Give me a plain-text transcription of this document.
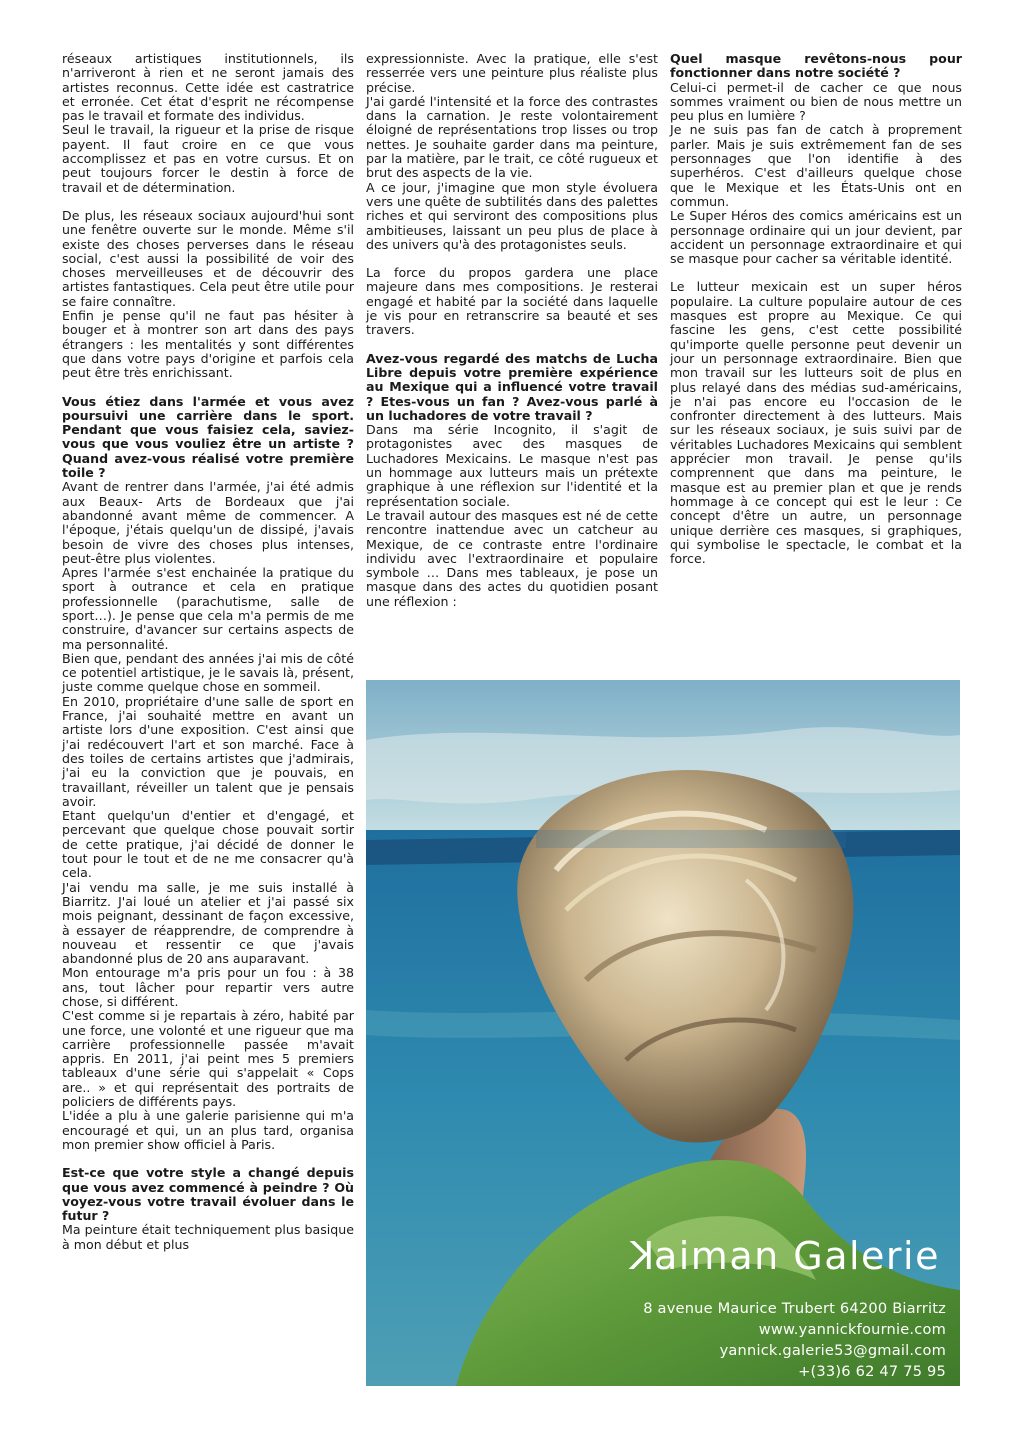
réseaux artistiques institutionnels, ils n'arriveront à rien et ne seront jamais des artistes reconnus. Cette idée est castratrice et erronée. Cet état d'esprit ne récompense pas le travail et formate des individus.

Seul le travail, la rigueur et la prise de risque payent. Il faut croire en ce que vous accomplissez et pas en votre cursus. Et on peut toujours forcer le destin à force de travail et de détermination.

De plus, les réseaux sociaux aujourd'hui sont une fenêtre ouverte sur le monde. Même s'il existe des choses perverses dans le réseau social, c'est aussi la possibilité de voir des choses merveilleuses et de découvrir des artistes fantastiques. Cela peut être utile pour se faire connaître.

Enfin je pense qu'il ne faut pas hésiter à bouger et à montrer son art dans des pays étrangers : les mentalités y sont différentes que dans votre pays d'origine et parfois cela peut être très enrichissant.

Vous étiez dans l'armée et vous avez poursuivi une carrière dans le sport. Pendant que vous faisiez cela, saviez-vous que vous vouliez être un artiste ? Quand avez-vous réalisé votre première toile ?

Avant de rentrer dans l'armée, j'ai été admis aux Beaux- Arts de Bordeaux que j'ai abandonné avant même de commencer. A l'époque, j'étais quelqu'un de dissipé, j'avais besoin de vivre des choses plus intenses, peut-être plus violentes.

Apres l'armée s'est enchainée la pratique du sport à outrance et cela en pratique professionnelle (parachutisme, salle de sport…). Je pense que cela m'a permis de me construire, d'avancer sur certains aspects de ma personnalité.

Bien que, pendant des années j'ai mis de côté ce potentiel artistique, je le savais là, présent, juste comme quelque chose en sommeil.

En 2010, propriétaire d'une salle de sport en France, j'ai souhaité mettre en avant un artiste lors d'une exposition. C'est ainsi que j'ai redécouvert l'art et son marché. Face à des toiles de certains artistes que j'admirais, j'ai eu la conviction que je pouvais, en travaillant, réveiller un talent que je pensais avoir.

Etant quelqu'un d'entier et d'engagé, et percevant que quelque chose pouvait sortir de cette pratique, j'ai décidé de donner le tout pour le tout et de ne me consacrer qu'à cela.

J'ai vendu ma salle, je me suis installé à Biarritz. J'ai loué un atelier et j'ai passé six mois peignant, dessinant de façon excessive, à essayer de réapprendre, de comprendre à nouveau et ressentir ce que j'avais abandonné plus de 20 ans auparavant.

Mon entourage m'a pris pour un fou : à 38 ans, tout lâcher pour repartir vers autre chose, si différent.

C'est comme si je repartais à zéro, habité par une force, une volonté et une rigueur que ma carrière professionnelle passée m'avait appris. En 2011, j'ai peint mes 5 premiers tableaux d'une série qui s'appelait « Cops are.. » et qui représentait des portraits de policiers de différents pays.

L'idée a plu à une galerie parisienne qui m'a encouragé et qui, un an plus tard, organisa mon premier show officiel à Paris.

Est-ce que votre style a changé depuis que vous avez commencé à peindre ? Où voyez-vous votre travail évoluer dans le futur ?

Ma peinture était techniquement plus basique à mon début et plus

expressionniste. Avec la pratique, elle s'est resserrée vers une peinture plus réaliste plus précise.

J'ai gardé l'intensité et la force des contrastes dans la carnation. Je reste volontairement éloigné de représentations trop lisses ou trop nettes. Je souhaite garder dans ma peinture, par la matière, par le trait, ce côté rugueux et brut des aspects de la vie.

A ce jour, j'imagine que mon style évoluera vers une quête de subtilités dans des palettes riches et qui serviront des compositions plus ambitieuses, laissant un peu plus de place à des univers qu'à des protagonistes seuls.

La force du propos gardera une place majeure dans mes compositions. Je resterai engagé et habité par la société dans laquelle je vis pour en retranscrire sa beauté et ses travers.

Avez-vous regardé des matchs de Lucha Libre depuis votre première expérience au Mexique qui a influencé votre travail ? Etes-vous un fan ? Avez-vous parlé à un luchadores de votre travail ?

Dans ma série Incognito, il s'agit de protagonistes avec des masques de Luchadores Mexicains. Le masque n'est pas un hommage aux lutteurs mais un prétexte graphique à une réflexion sur l'identité et la représentation sociale.

Le travail autour des masques est né de cette rencontre inattendue avec un catcheur au Mexique, de ce contraste entre l'ordinaire individu avec l'extraordinaire et populaire symbole … Dans mes tableaux, je pose un masque dans des actes du quotidien posant une réflexion :

Quel masque revêtons-nous pour fonctionner dans notre société ?

Celui-ci permet-il de cacher ce que nous sommes vraiment ou bien de nous mettre un peu plus en lumière ?

Je ne suis pas fan de catch à proprement parler. Mais je suis extrêmement fan de ses personnages que l'on identifie à des superhéros. C'est d'ailleurs quelque chose que le Mexique et les États-Unis ont en commun.

Le Super Héros des comics américains est un personnage ordinaire qui un jour devient, par accident un personnage extraordinaire et qui se masque pour cacher sa véritable identité.

Le lutteur mexicain est un super héros populaire. La culture populaire autour de ces masques est propre au Mexique. Ce qui fascine les gens, c'est cette possibilité qu'importe quelle personne peut devenir un jour un personnage extraordinaire. Bien que mon travail sur les lutteurs soit de plus en plus relayé dans des médias sud-américains, je n'ai pas encore eu l'occasion de le confronter directement à des lutteurs. Mais sur les réseaux sociaux, je suis suivi par de véritables Luchadores Mexicains qui semblent apprécier mon travail. Je pense qu'ils comprennent que dans ma peinture, le masque est au premier plan et que je rends hommage à ce concept qui est le leur : Ce concept d'être un autre, un personnage unique derrière ces masques, si graphiques, qui symbolise le spectacle, le combat et la force.

Kaiman Galerie
8 avenue Maurice Trubert 64200 Biarritz
www.yannickfournie.com
yannick.galerie53@gmail.com
+(33)6 62 47 75 95
